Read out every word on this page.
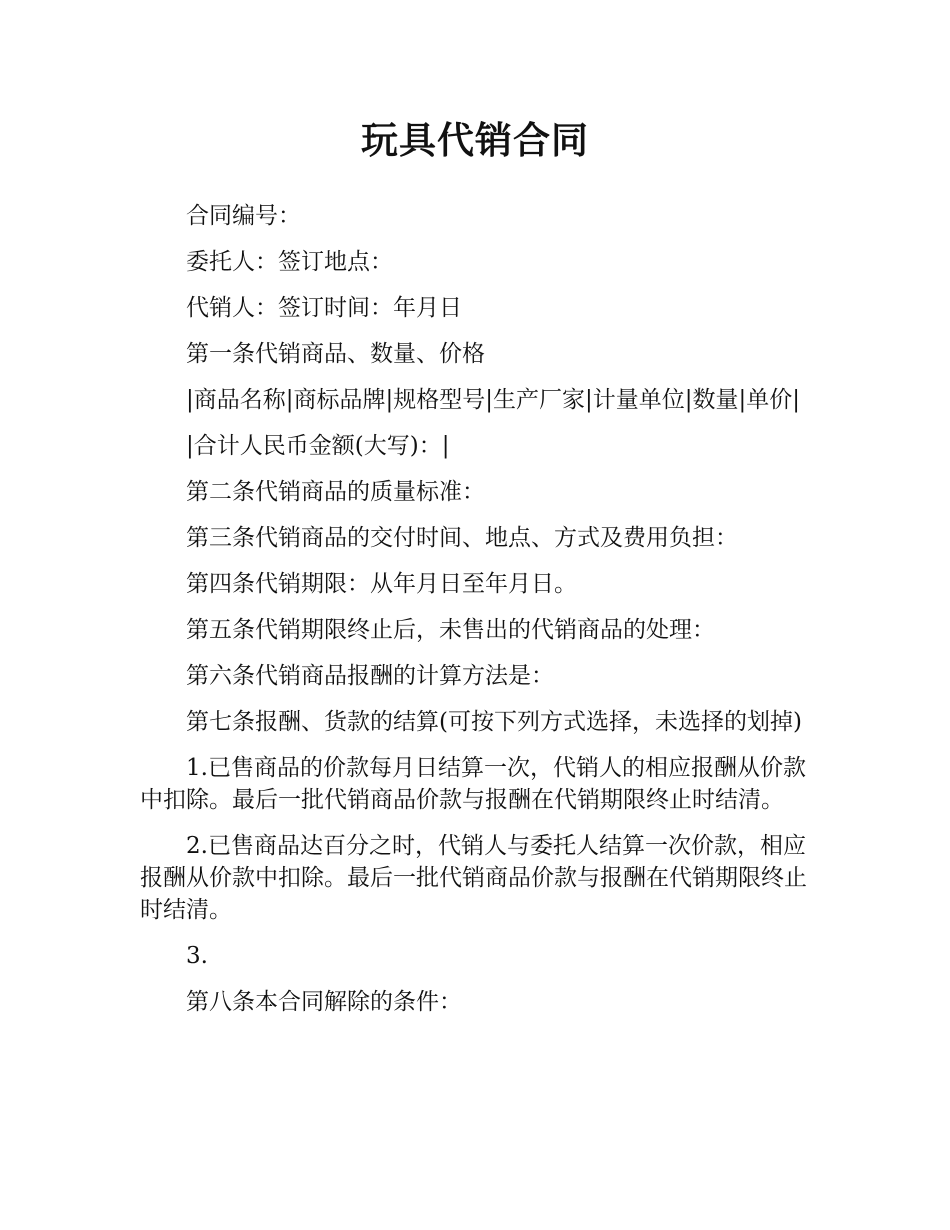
玩具代销合同

合同编号：

委托人：签订地点：

代销人：签订时间：年月日

第一条代销商品、数量、价格

|商品名称|商标品牌|规格型号|生产厂家|计量单位|数量|单价|

|合计人民币金额(大写)：|

第二条代销商品的质量标准：

第三条代销商品的交付时间、地点、方式及费用负担：

第四条代销期限：从年月日至年月日。

第五条代销期限终止后，未售出的代销商品的处理：

第六条代销商品报酬的计算方法是：

第七条报酬、货款的结算(可按下列方式选择，未选择的划掉)

1.已售商品的价款每月日结算一次，代销人的相应报酬从价款中扣除。最后一批代销商品价款与报酬在代销期限终止时结清。

2.已售商品达百分之时，代销人与委托人结算一次价款，相应报酬从价款中扣除。最后一批代销商品价款与报酬在代销期限终止时结清。

3.

第八条本合同解除的条件：
